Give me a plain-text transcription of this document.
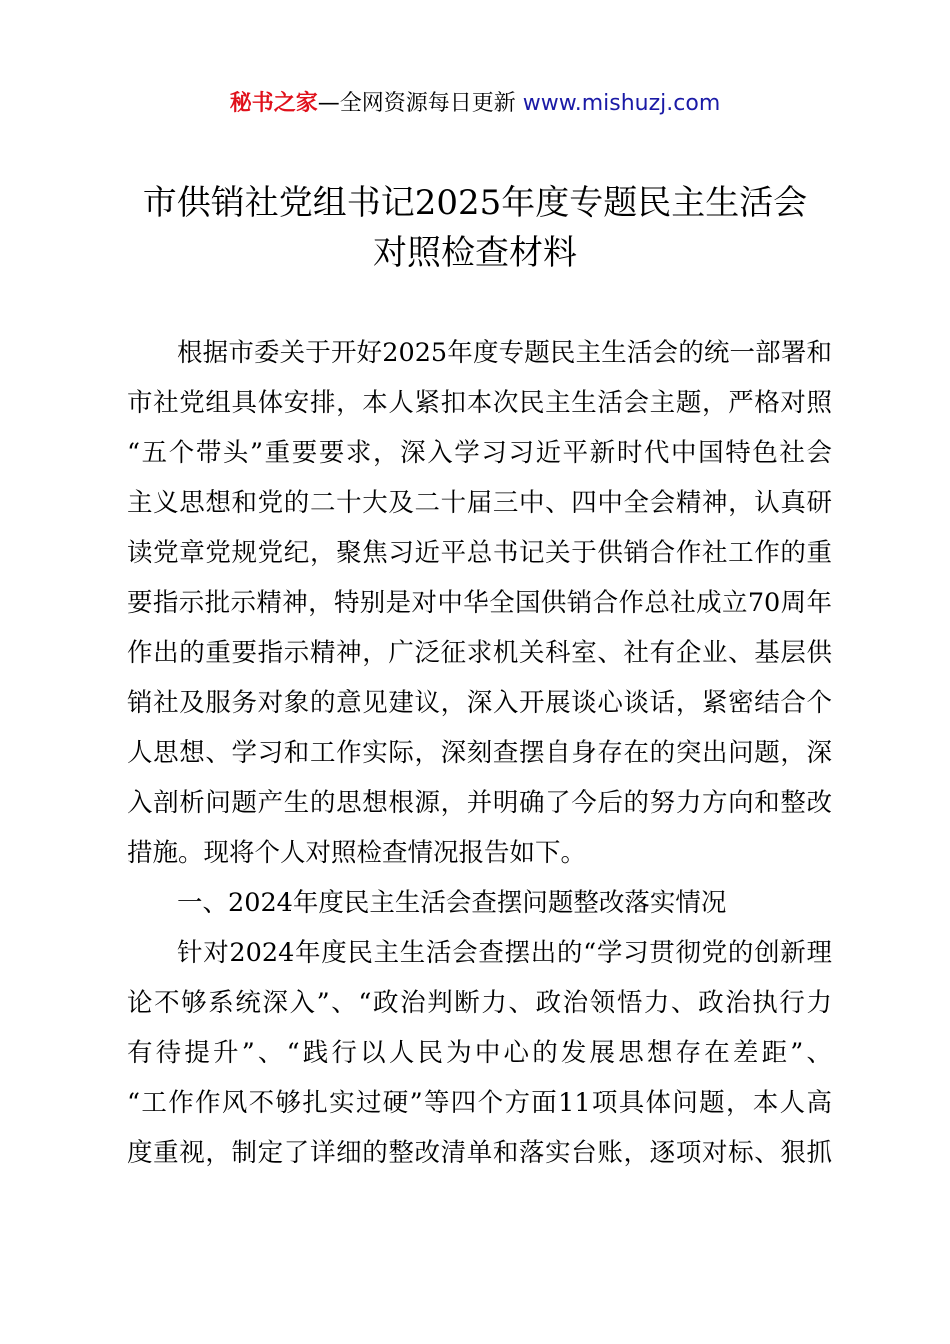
秘书之家—全网资源每日更新 www.mishuzj.com
市供销社党组书记2025年度专题民主生活会
对照检查材料
根据市委关于开好2025年度专题民主生活会的统一部署和
市社党组具体安排，本人紧扣本次民主生活会主题，严格对照
“五个带头”重要要求，深入学习习近平新时代中国特色社会
主义思想和党的二十大及二十届三中、四中全会精神，认真研
读党章党规党纪，聚焦习近平总书记关于供销合作社工作的重
要指示批示精神，特别是对中华全国供销合作总社成立70周年
作出的重要指示精神，广泛征求机关科室、社有企业、基层供
销社及服务对象的意见建议，深入开展谈心谈话，紧密结合个
人思想、学习和工作实际，深刻查摆自身存在的突出问题，深
入剖析问题产生的思想根源，并明确了今后的努力方向和整改
措施。现将个人对照检查情况报告如下。
一、2024年度民主生活会查摆问题整改落实情况
针对2024年度民主生活会查摆出的“学习贯彻党的创新理
论不够系统深入”、“政治判断力、政治领悟力、政治执行力
有待提升”、“践行以人民为中心的发展思想存在差距”、
“工作作风不够扎实过硬”等四个方面11项具体问题，本人高
度重视，制定了详细的整改清单和落实台账，逐项对标、狠抓
